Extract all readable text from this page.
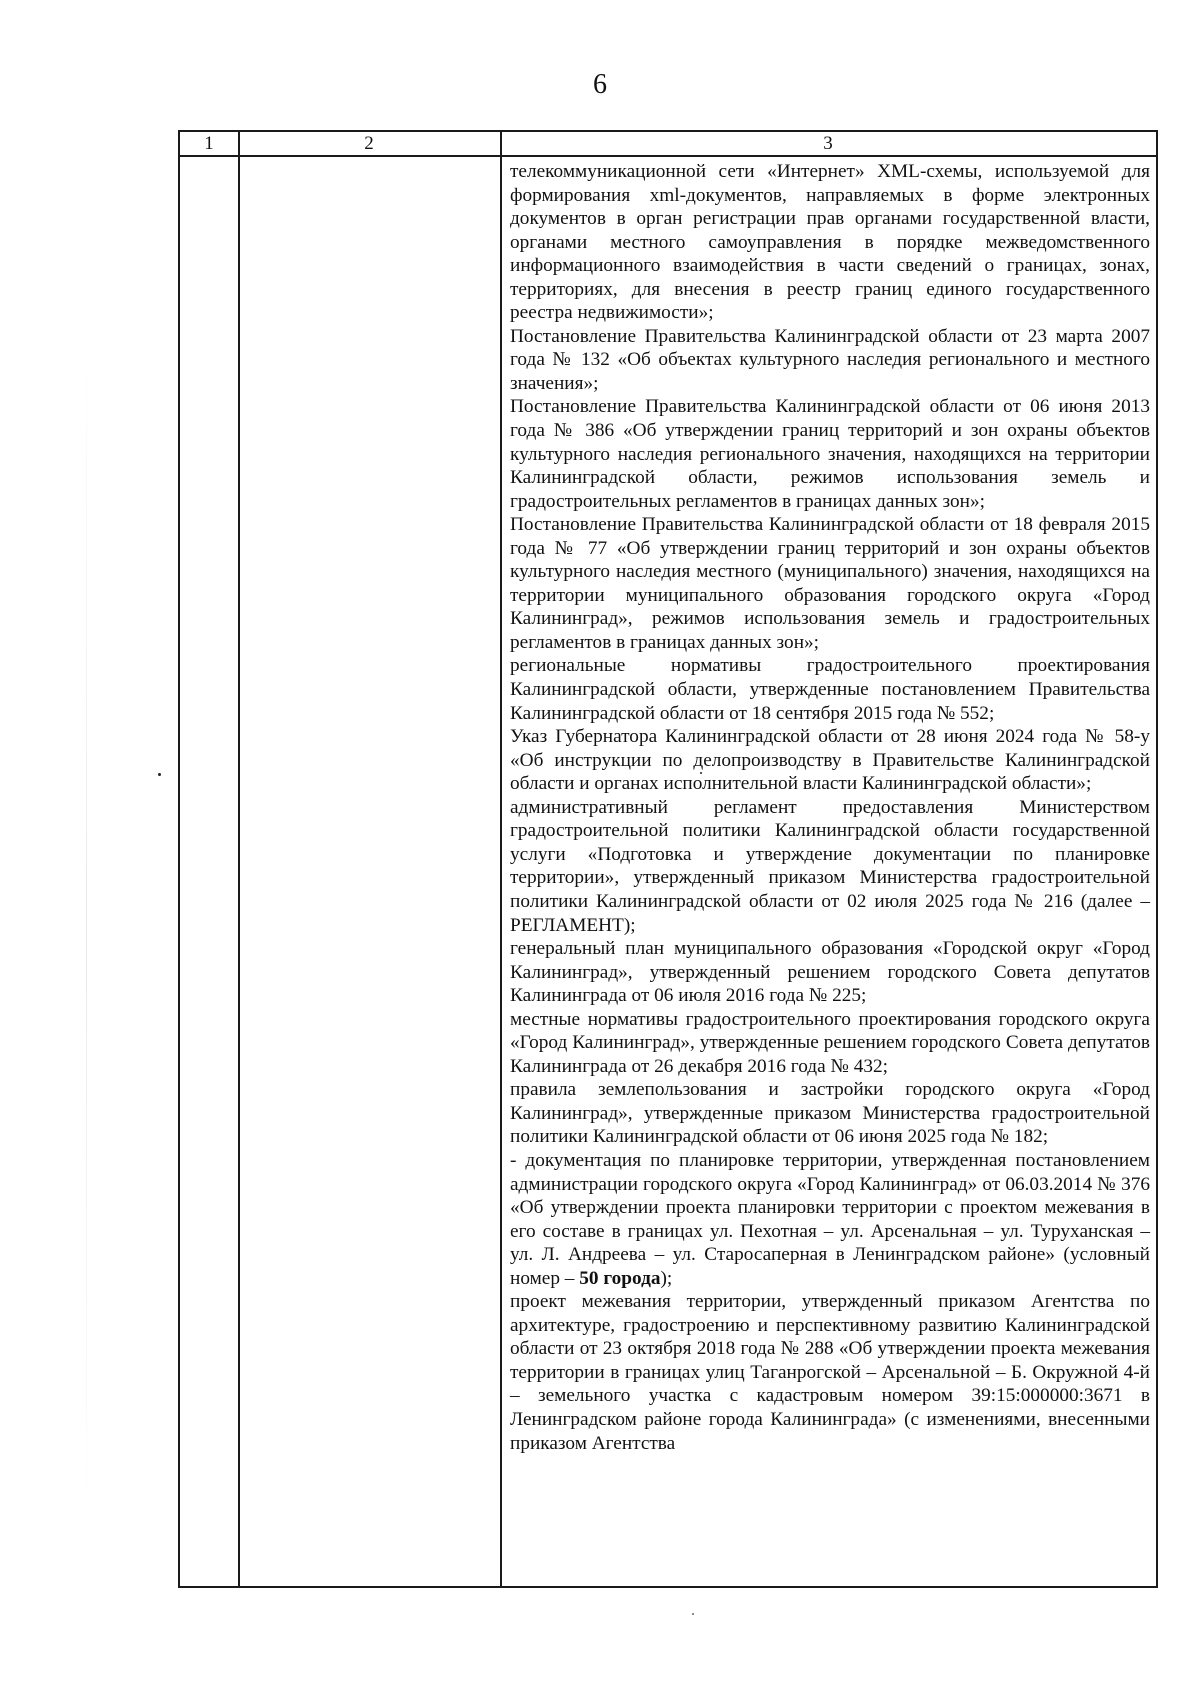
6
1	2	3

телекоммуникационной сети «Интернет» XML-схемы, используемой для формирования xml-документов, направляемых в форме электронных документов в орган регистрации прав органами государственной власти, органами местного самоуправления в порядке межведомственного информационного взаимодействия в части сведений о границах, зонах, территориях, для внесения в реестр границ единого государственного реестра недвижимости»;

Постановление Правительства Калининградской области от 23 марта 2007 года № 132 «Об объектах культурного наследия регионального и местного значения»;

Постановление Правительства Калининградской области от 06 июня 2013 года № 386 «Об утверждении границ территорий и зон охраны объектов культурного наследия регионального значения, находящихся на территории Калининградской области, режимов использования земель и градостроительных регламентов в границах данных зон»;

Постановление Правительства Калининградской области от 18 февраля 2015 года № 77 «Об утверждении границ территорий и зон охраны объектов культурного наследия местного (муниципального) значения, находящихся на территории муниципального образования городского округа «Город Калининград», режимов использования земель и градостроительных регламентов в границах данных зон»;

региональные нормативы градостроительного проектирования Калининградской области, утвержденные постановлением Правительства Калининградской области от 18 сентября 2015 года № 552;

Указ Губернатора Калининградской области от 28 июня 2024 года № 58-у «Об инструкции по делопроизводству в Правительстве Калининградской области и органах исполнительной власти Калининградской области»;

административный регламент предоставления Министерством градостроительной политики Калининградской области государственной услуги «Подготовка и утверждение документации по планировке территории», утвержденный приказом Министерства градостроительной политики Калининградской области от 02 июля 2025 года № 216 (далее – РЕГЛАМЕНТ);

генеральный план муниципального образования «Городской округ «Город Калининград», утвержденный решением городского Совета депутатов Калининграда от 06 июля 2016 года № 225;

местные нормативы градостроительного проектирования городского округа «Город Калининград», утвержденные решением городского Совета депутатов Калининграда от 26 декабря 2016 года № 432;

правила землепользования и застройки городского округа «Город Калининград», утвержденные приказом Министерства градостроительной политики Калининградской области от 06 июня 2025 года № 182;

- документация по планировке территории, утвержденная постановлением администрации городского округа «Город Калининград» от 06.03.2014 № 376 «Об утверждении проекта планировки территории с проектом межевания в его составе в границах ул. Пехотная – ул. Арсенальная – ул. Туруханская – ул. Л. Андреева – ул. Старосаперная в Ленинградском районе» (условный номер – 50 города);

проект межевания территории, утвержденный приказом Агентства по архитектуре, градостроению и перспективному развитию Калининградской области от 23 октября 2018 года № 288 «Об утверждении проекта межевания территории в границах улиц Таганрогской – Арсенальной – Б. Окружной 4-й – земельного участка с кадастровым номером 39:15:000000:3671 в Ленинградском районе города Калининграда» (с изменениями, внесенными приказом Агентства
